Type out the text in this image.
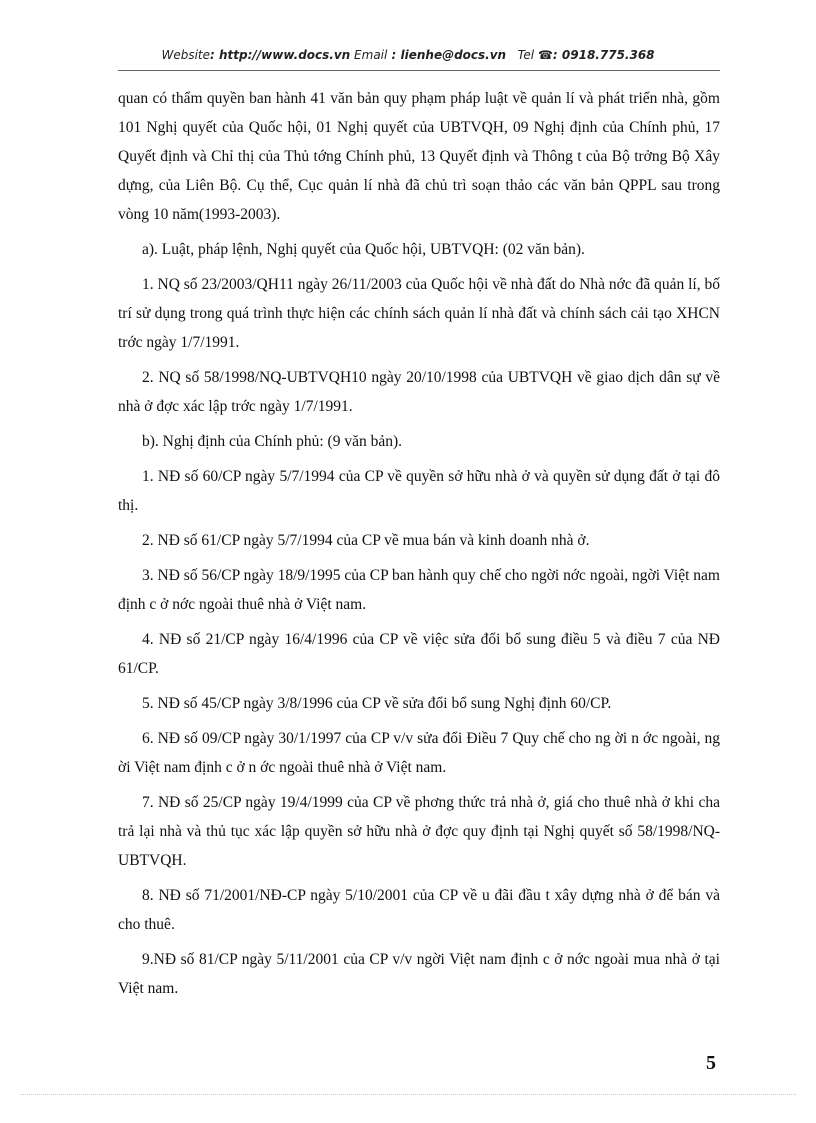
Website: http://www.docs.vn Email : lienhe@docs.vn Tel ☎: 0918.775.368

quan có thẩm quyền ban hành 41 văn bản quy phạm pháp luật về quản lí và phát triển nhà, gồm 101 Nghị quyết của Quốc hội, 01 Nghị quyết của UBTVQH, 09 Nghị định của Chính phủ, 17 Quyết định và Chỉ thị của Thủ tớng Chính phủ, 13 Quyết định và Thông t của Bộ trởng Bộ Xây dựng, của Liên Bộ. Cụ thể, Cục quản lí nhà đã chủ trì soạn thảo các văn bản QPPL sau trong vòng 10 năm(1993-2003).

a). Luật, pháp lệnh, Nghị quyết của Quốc hội, UBTVQH: (02 văn bản).

1. NQ số 23/2003/QH11 ngày 26/11/2003 của Quốc hội về nhà đất do Nhà nớc đã quản lí, bố trí sử dụng trong quá trình thực hiện các chính sách quản lí nhà đất và chính sách cải tạo XHCN trớc ngày 1/7/1991.

2. NQ số 58/1998/NQ-UBTVQH10 ngày 20/10/1998 của UBTVQH về giao dịch dân sự về nhà ở đợc xác lập trớc ngày 1/7/1991.

b). Nghị định của Chính phủ: (9 văn bản).

1. NĐ số 60/CP ngày 5/7/1994 của CP về quyền sở hữu nhà ở và quyền sử dụng đất ở tại đô thị.

2. NĐ số 61/CP ngày 5/7/1994 của CP về mua bán và kinh doanh nhà ở.

3. NĐ số 56/CP ngày 18/9/1995 của CP ban hành quy chế cho ngời nớc ngoài, ngời Việt nam định c ở nớc ngoài thuê nhà ở Việt nam.

4. NĐ số 21/CP ngày 16/4/1996 của CP về việc sửa đổi bổ sung điều 5 và điều 7 của NĐ 61/CP.

5. NĐ số 45/CP ngày 3/8/1996 của CP về sửa đổi bổ sung Nghị định 60/CP.

6. NĐ số 09/CP ngày 30/1/1997 của CP v/v sửa đổi Điều 7 Quy chế cho ng ời n ớc ngoài, ng ời Việt nam định c ở n ớc ngoài thuê nhà ở Việt nam.

7. NĐ số 25/CP ngày 19/4/1999 của CP về phơng thức trả nhà ở, giá cho thuê nhà ở khi cha trả lại nhà và thủ tục xác lập quyền sở hữu nhà ở đợc quy định tại Nghị quyết số 58/1998/NQ-UBTVQH.

8. NĐ số 71/2001/NĐ-CP ngày 5/10/2001 của CP về u đãi đầu t xây dựng nhà ở để bán và cho thuê.

9.NĐ số 81/CP ngày 5/11/2001 của CP v/v ngời Việt nam định c ở nớc ngoài mua nhà ở tại Việt nam.

5
